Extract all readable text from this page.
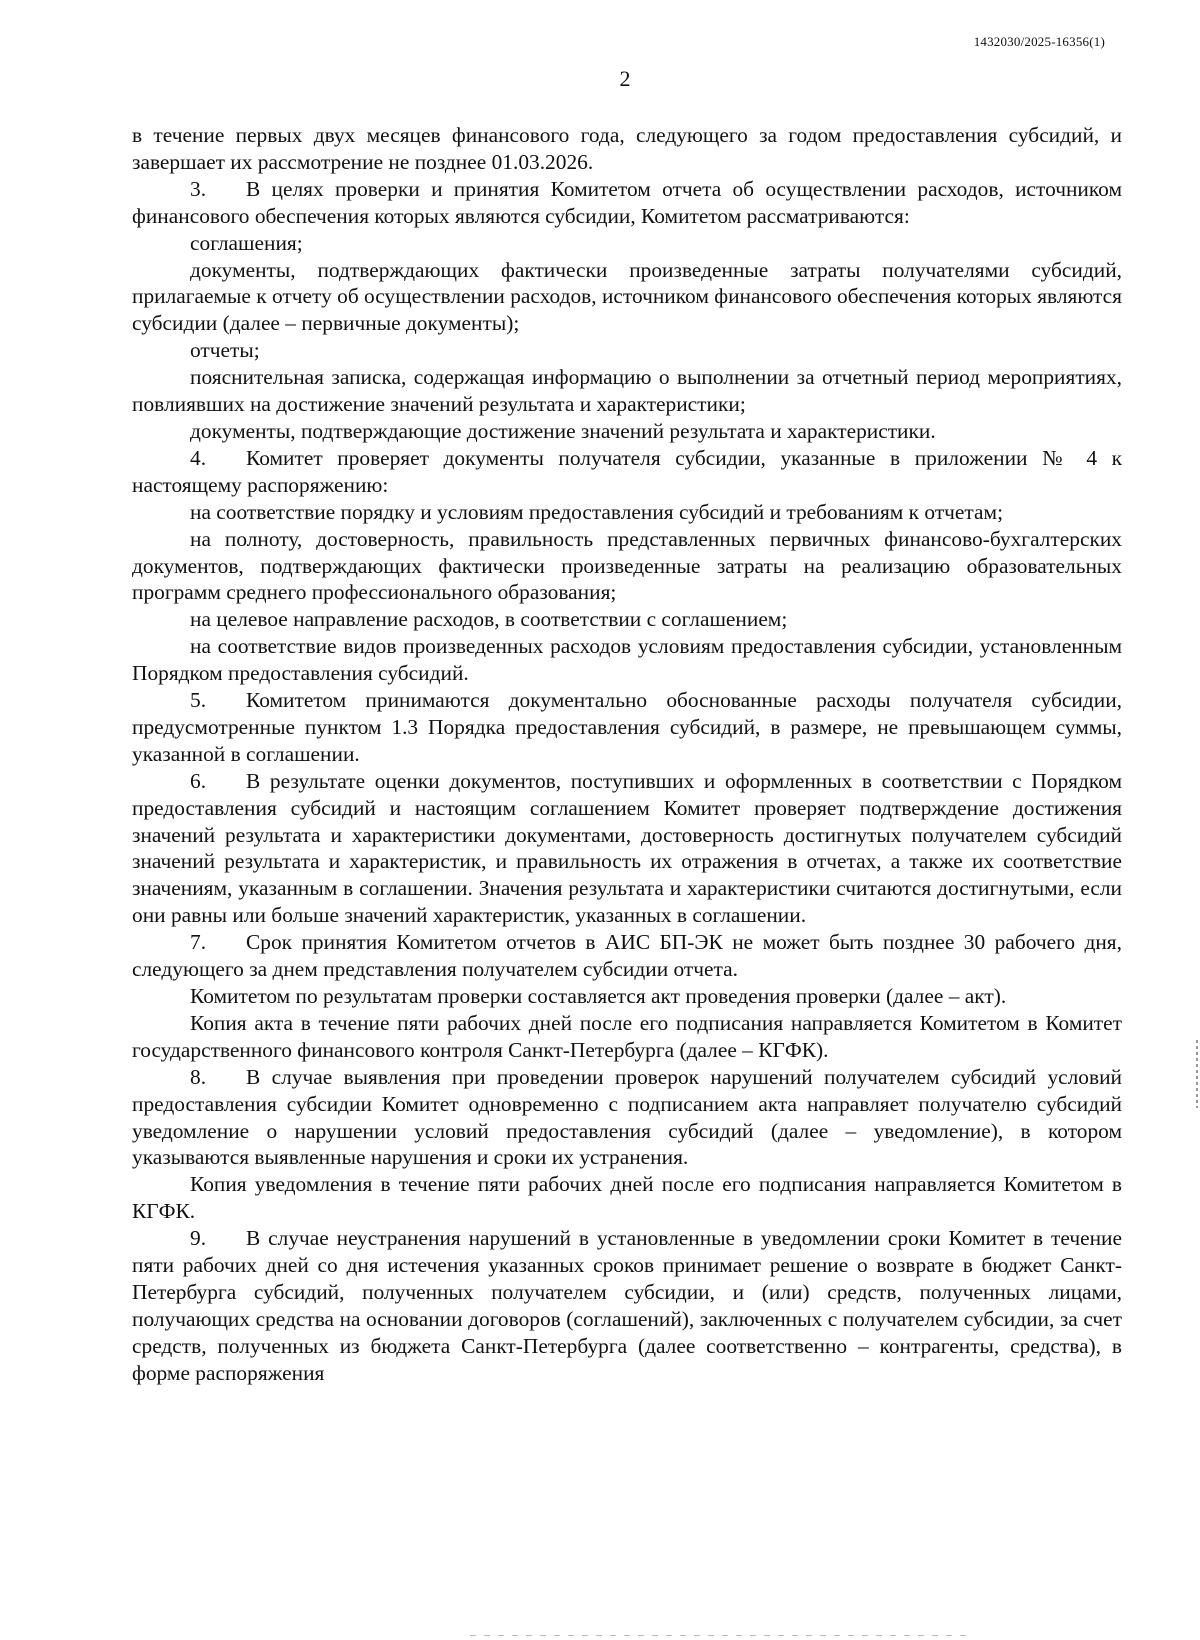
1432030/2025-16356(1)
2

в течение первых двух месяцев финансового года, следующего за годом предоставления субсидий, и завершает их рассмотрение не позднее 01.03.2026.

3. В целях проверки и принятия Комитетом отчета об осуществлении расходов, источником финансового обеспечения которых являются субсидии, Комитетом рассматриваются:

соглашения;

документы, подтверждающих фактически произведенные затраты получателями субсидий, прилагаемые к отчету об осуществлении расходов, источником финансового обеспечения которых являются субсидии (далее – первичные документы);

отчеты;

пояснительная записка, содержащая информацию о выполнении за отчетный период мероприятиях, повлиявших на достижение значений результата и характеристики;

документы, подтверждающие достижение значений результата и характеристики.

4. Комитет проверяет документы получателя субсидии, указанные в приложении № 4 к настоящему распоряжению:

на соответствие порядку и условиям предоставления субсидий и требованиям к отчетам;

на полноту, достоверность, правильность представленных первичных финансово-бухгалтерских документов, подтверждающих фактически произведенные затраты на реализацию образовательных программ среднего профессионального образования;

на целевое направление расходов, в соответствии с соглашением;

на соответствие видов произведенных расходов условиям предоставления субсидии, установленным Порядком предоставления субсидий.

5. Комитетом принимаются документально обоснованные расходы получателя субсидии, предусмотренные пунктом 1.3 Порядка предоставления субсидий, в размере, не превышающем суммы, указанной в соглашении.

6. В результате оценки документов, поступивших и оформленных в соответствии с Порядком предоставления субсидий и настоящим соглашением Комитет проверяет подтверждение достижения значений результата и характеристики документами, достоверность достигнутых получателем субсидий значений результата и характеристик, и правильность их отражения в отчетах, а также их соответствие значениям, указанным в соглашении. Значения результата и характеристики считаются достигнутыми, если они равны или больше значений характеристик, указанных в соглашении.

7. Срок принятия Комитетом отчетов в АИС БП-ЭК не может быть позднее 30 рабочего дня, следующего за днем представления получателем субсидии отчета.

Комитетом по результатам проверки составляется акт проведения проверки (далее – акт).

Копия акта в течение пяти рабочих дней после его подписания направляется Комитетом в Комитет государственного финансового контроля Санкт-Петербурга (далее – КГФК).

8. В случае выявления при проведении проверок нарушений получателем субсидий условий предоставления субсидии Комитет одновременно с подписанием акта направляет получателю субсидий уведомление о нарушении условий предоставления субсидий (далее – уведомление), в котором указываются выявленные нарушения и сроки их устранения.

Копия уведомления в течение пяти рабочих дней после его подписания направляется Комитетом в КГФК.

9. В случае неустранения нарушений в установленные в уведомлении сроки Комитет в течение пяти рабочих дней со дня истечения указанных сроков принимает решение о возврате в бюджет Санкт-Петербурга субсидий, полученных получателем субсидии, и (или) средств, полученных лицами, получающих средства на основании договоров (соглашений), заключенных с получателем субсидии, за счет средств, полученных из бюджета Санкт-Петербурга (далее соответственно – контрагенты, средства), в форме распоряжения
